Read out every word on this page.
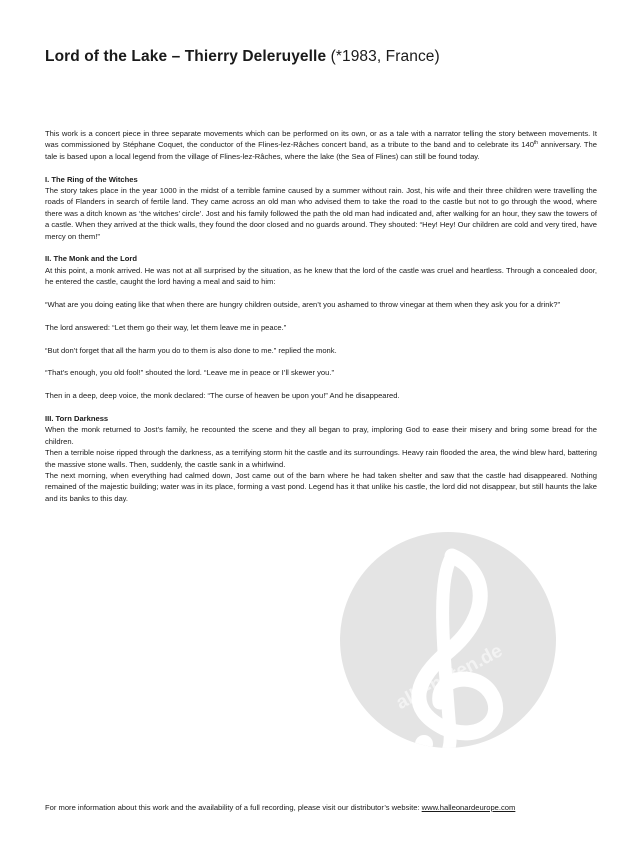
alle-noten.de
Lord of the Lake – Thierry Deleruyelle (*1983, France)

This work is a concert piece in three separate movements which can be performed on its own, or as a tale with a narrator telling the story between movements. It was commissioned by Stéphane Coquet, the conductor of the Flines-lez-Râches concert band, as a tribute to the band and to celebrate its 140th anniversary. The tale is based upon a local legend from the village of Flines-lez-Râches, where the lake (the Sea of Flines) can still be found today.

I. The Ring of the Witches

The story takes place in the year 1000 in the midst of a terrible famine caused by a summer without rain. Jost, his wife and their three children were travelling the roads of Flanders in search of fertile land. They came across an old man who advised them to take the road to the castle but not to go through the wood, where there was a ditch known as ‘the witches’ circle’. Jost and his family followed the path the old man had indicated and, after walking for an hour, they saw the towers of a castle. When they arrived at the thick walls, they found the door closed and no guards around. They shouted: “Hey! Hey! Our children are cold and very tired, have mercy on them!”

II. The Monk and the Lord

At this point, a monk arrived. He was not at all surprised by the situation, as he knew that the lord of the castle was cruel and heartless. Through a concealed door, he entered the castle, caught the lord having a meal and said to him:

“What are you doing eating like that when there are hungry children outside, aren’t you ashamed to throw vinegar at them when they ask you for a drink?”

The lord answered: “Let them go their way, let them leave me in peace.”

“But don’t forget that all the harm you do to them is also done to me.” replied the monk.

“That’s enough, you old fool!” shouted the lord. “Leave me in peace or I’ll skewer you.”

Then in a deep, deep voice, the monk declared: “The curse of heaven be upon you!” And he disappeared.

III. Torn Darkness

When the monk returned to Jost’s family, he recounted the scene and they all began to pray, imploring God to ease their misery and bring some bread for the children.

Then a terrible noise ripped through the darkness, as a terrifying storm hit the castle and its surroundings. Heavy rain flooded the area, the wind blew hard, battering the massive stone walls. Then, suddenly, the castle sank in a whirlwind.

The next morning, when everything had calmed down, Jost came out of the barn where he had taken shelter and saw that the castle had disappeared. Nothing remained of the majestic building; water was in its place, forming a vast pond. Legend has it that unlike his castle, the lord did not disappear, but still haunts the lake and its banks to this day.

For more information about this work and the availability of a full recording, please visit our distributor’s website: www.halleonardeurope.com
